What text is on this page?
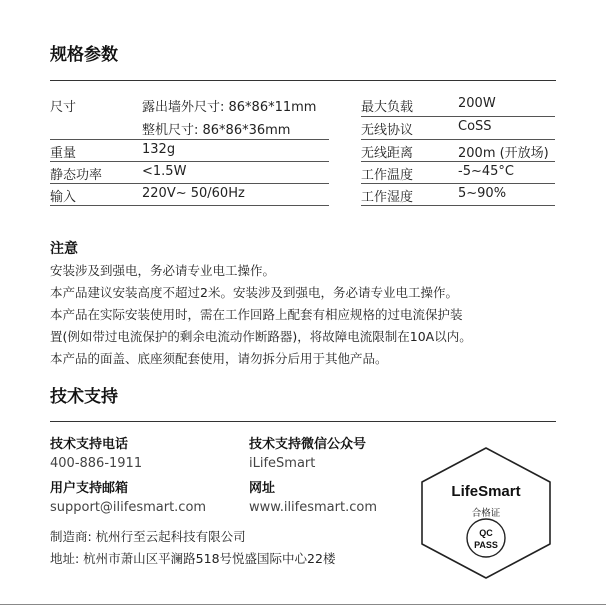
规格参数
尺寸	露出墙外尺寸: 86*86*11mm
整机尺寸: 86*86*36mm
重量	132g
静态功率	<1.5W
输入	220V~ 50/60Hz
最大负载	200W
无线协议	CoSS
无线距离	200m (开放场)
工作温度	-5~45°C
工作湿度	5~90%
注意
安装涉及到强电，务必请专业电工操作。
本产品建议安装高度不超过2米。安装涉及到强电，务必请专业电工操作。
本产品在实际安装使用时，需在工作回路上配套有相应规格的过电流保护装
置(例如带过电流保护的剩余电流动作断路器)，将故障电流限制在10A以内。
本产品的面盖、底座须配套使用，请勿拆分后用于其他产品。
技术支持
技术支持电话
400-886-1911
用户支持邮箱
support@ilifesmart.com
技术支持微信公众号
iLifeSmart
网址
www.ilifesmart.com
制造商: 杭州行至云起科技有限公司
地址: 杭州市萧山区平澜路518号悦盛国际中心22楼
LifeSmart
合格证
QC
PASS
